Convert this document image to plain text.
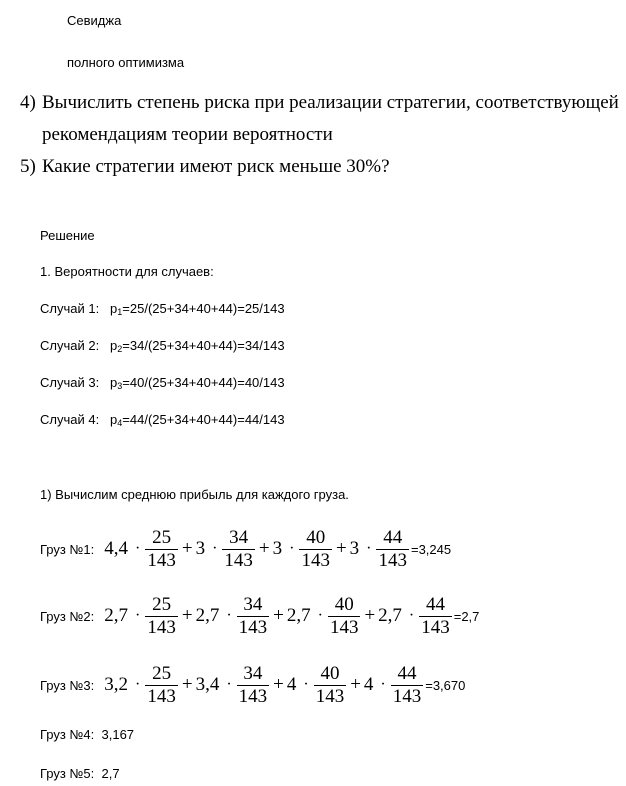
Севиджа
полного оптимизма
4) Вычислить степень риска при реализации стратегии, соответствующей
рекомендациям теории вероятности
5) Какие стратегии имеют риск меньше 30%?
Решение
1. Вероятности для случаев:
Случай 1: $p_1=25/(25+34+40+44)=25/143$
Случай 2: $p_2=34/(25+34+40+44)=34/143$
Случай 3: $p_3=40/(25+34+40+44)=40/143$
Случай 4: $p_4=44/(25+34+40+44)=44/143$
1) Вычислим среднюю прибыль для каждого груза.
Груз №1: $4,4 \cdot \frac{25}{143} + 3 \cdot \frac{34}{143} + 3 \cdot \frac{40}{143} + 3 \cdot \frac{44}{143} =3,245$
Груз №2: $2,7 \cdot \frac{25}{143} + 2,7 \cdot \frac{34}{143} + 2,7 \cdot \frac{40}{143} + 2,7 \cdot \frac{44}{143} =2,7$
Груз №3: $3,2 \cdot \frac{25}{143} + 3,4 \cdot \frac{34}{143} + 4 \cdot \frac{40}{143} + 4 \cdot \frac{44}{143} =3,670$
Груз №4: 3,167
Груз №5: 2,7
